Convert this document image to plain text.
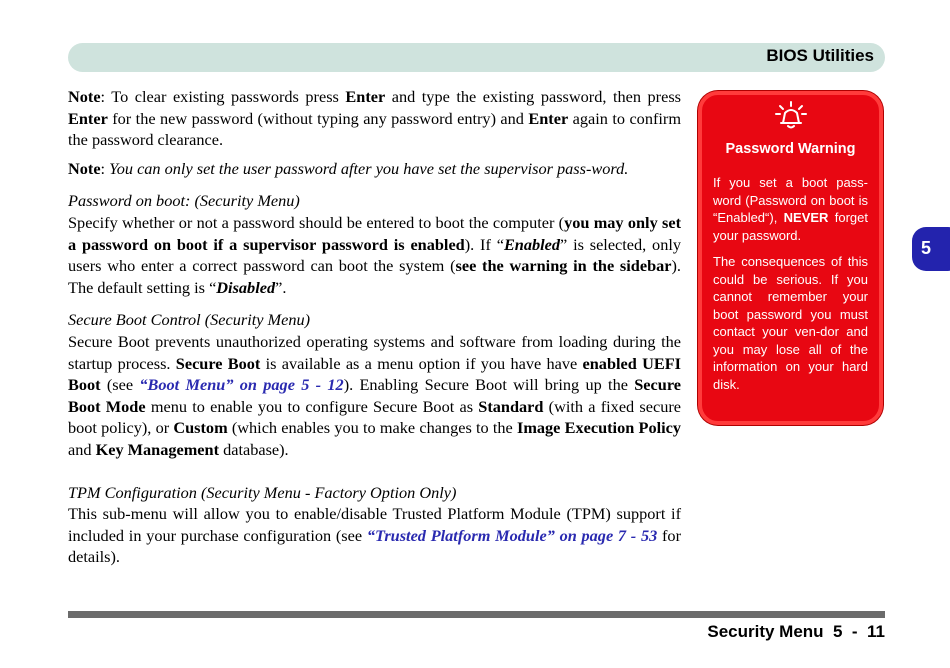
BIOS Utilities
5

Note: To clear existing passwords press Enter and type the existing password, then press Enter for the new password (without typing any password entry) and Enter again to confirm the password clearance.

Note: You can only set the user password after you have set the supervisor pass-word.

Password on boot: (Security Menu)

Specify whether or not a password should be entered to boot the computer (you may only set a password on boot if a supervisor password is enabled). If “Enabled” is selected, only users who enter a correct password can boot the system (see the warning in the sidebar). The default setting is “Disabled”.

Secure Boot Control (Security Menu)

Secure Boot prevents unauthorized operating systems and software from loading during the startup process. Secure Boot is available as a menu option if you have have enabled UEFI Boot (see “Boot Menu” on page 5 - 12). Enabling Secure Boot will bring up the Secure Boot Mode menu to enable you to configure Secure Boot as Standard (with a fixed secure boot policy), or Custom (which enables you to make changes to the Image Execution Policy and Key Management database).

TPM Configuration (Security Menu - Factory Option Only)

This sub-menu will allow you to enable/disable Trusted Platform Module (TPM) support if included in your purchase configuration (see “Trusted Platform Module” on page 7 - 53 for details).

Password Warning
If you set a boot pass-word (Password on boot is “Enabled“), NEVER forget your password.
The consequences of this could be serious. If you cannot remember your boot password you must contact your ven-dor and you may lose all of the information on your hard disk.
Security Menu  5  -  11
